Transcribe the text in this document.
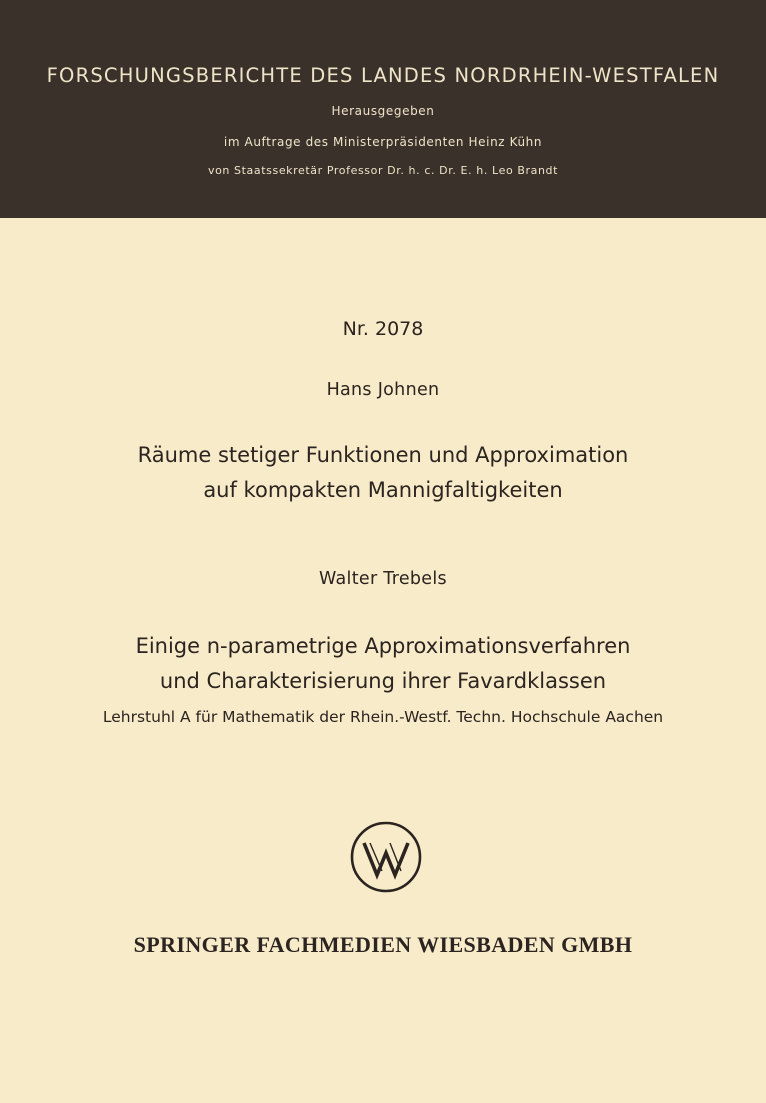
FORSCHUNGSBERICHTE DES LANDES NORDRHEIN-WESTFALEN
Herausgegeben
im Auftrage des Ministerpräsidenten Heinz Kühn
von Staatssekretär Professor Dr. h. c. Dr. E. h. Leo Brandt
Nr. 2078
Hans Johnen
Räume stetiger Funktionen und Approximation
auf kompakten Mannigfaltigkeiten
Walter Trebels
Einige n-parametrige Approximationsverfahren
und Charakterisierung ihrer Favardklassen
Lehrstuhl A für Mathematik der Rhein.-Westf. Techn. Hochschule Aachen
SPRINGER FACHMEDIEN WIESBADEN GMBH
